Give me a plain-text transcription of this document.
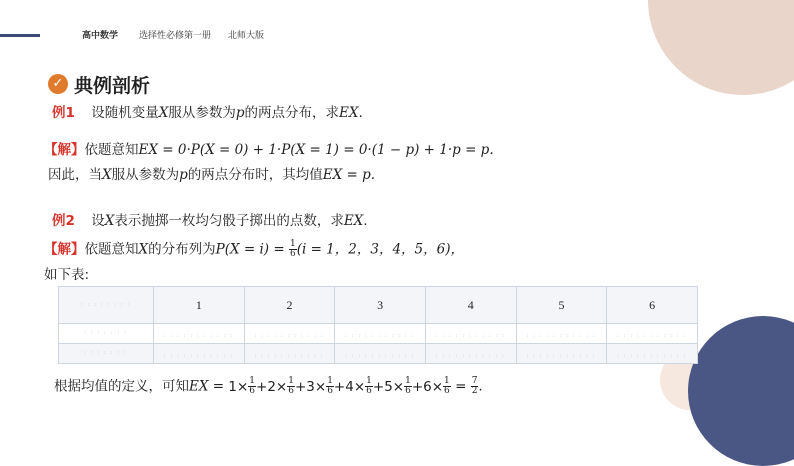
高中数学 选择性必修第一册 北师大版
✓ 典例剖析
例1 设随机变量X服从参数为p的两点分布，求EX.
【解】依题意知EX = 0·P(X = 0) + 1·P(X = 1) = 0·(1 − p) + 1·p = p.
因此，当X服从参数为p的两点分布时，其均值EX = p.
例2 设X表示抛掷一枚均匀骰子掷出的点数，求EX.
【解】依题意知X的分布列为$P(X = i) = \frac{1}{6} (i = 1$，2，3，4，5，6)，
如下表:
: : : : : : : :	1	2	3	4	5	6
: : : : : : :	: : : : : : : : : : :	: : : : : : : : : : :	: : : : : : : : : : :	: : : : : : : : : : :	: : : : : : : : : : :	: : : : : : : : : : :
: : : : : : :	: : : : : : : : : : :	: : : : : : : : : : :	: : : : : : : : : : :	: : : : : : : : : : :	: : : : : : : : : : :	: : : : : : : : : : :
根据均值的定义，可知EX = $1\times \frac{1}{6} +2\times \frac{1}{6} +3\times \frac{1}{6} +4\times \frac{1}{6} +5\times \frac{1}{6} +6\times \frac{1}{6} = \frac{7}{2}$ .
